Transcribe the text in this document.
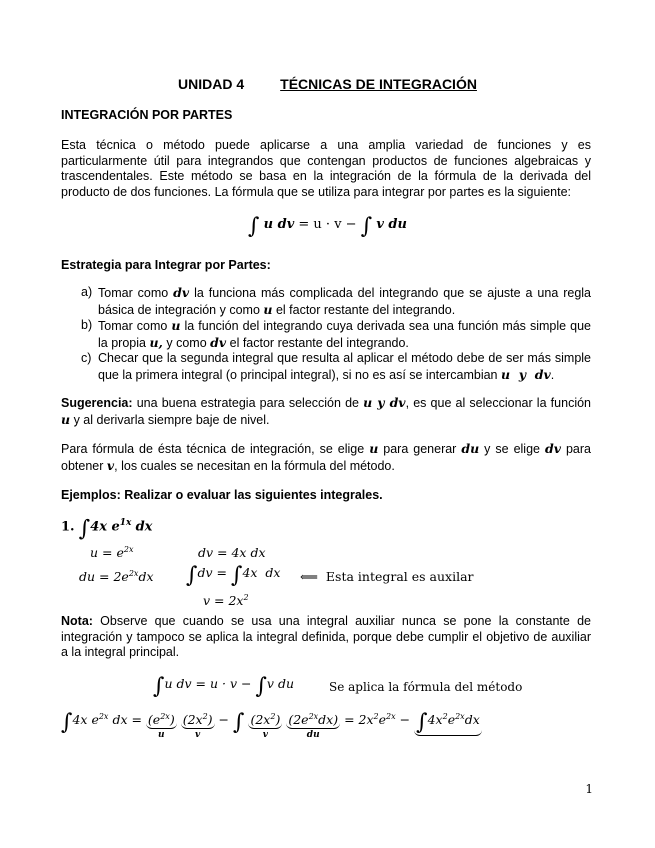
UNIDAD 4	TÉCNICAS DE INTEGRACIÓN
INTEGRACIÓN POR PARTES
Esta técnica o método puede aplicarse a una amplia variedad de funciones y es particularmente útil para integrandos que contengan productos de funciones algebraicas y trascendentales. Este método se basa en la integración de la fórmula de la derivada del producto de dos funciones. La fórmula que se utiliza para integrar por partes es la siguiente:
∫ u dv = u · v − ∫ v du
Estrategia para Integrar por Partes:
a) Tomar como dv la funciona más complicada del integrando que se ajuste a una regla básica de integración y como u el factor restante del integrando.
b) Tomar como u la función del integrando cuya derivada sea una función más simple que la propia u, y como dv el factor restante del integrando.
c) Checar que la segunda integral que resulta al aplicar el método debe de ser más simple que la primera integral (o principal integral), si no es así se intercambian u  y  dv.
Sugerencia: una buena estrategia para selección de u y dv, es que al seleccionar la función u y al derivarla siempre baje de nivel.
Para fórmula de ésta técnica de integración, se elige u para generar du y se elige dv para obtener v, los cuales se necesitan en la fórmula del método.
Ejemplos: Realizar o evaluar las siguientes integrales.
1. ∫4x $e^{1x}$ dx
$u = e^{2x}$	dv = 4x dx
du = $2e^{2x}dx$ ∫dv = ∫4x  dx ⟸ Esta integral es auxilar
$v = 2x^2$
Nota: Observe que cuando se usa una integral auxiliar nunca se pone la constante de integración y tampoco se aplica la integral definida, porque debe cumplir el objetivo de auxiliar a la integral principal.
∫u dv = u · v − ∫v du	Se aplica la fórmula del método
∫4x $e^{2x}$ dx = $(e^{2x})$
u
$(2x^2)$
v
− ∫ $(2x^2)$
v
$(2e^{2x}dx)$
du
= $2x^2e^{2x} - \int 4x^2e^{2x}dx$
1
